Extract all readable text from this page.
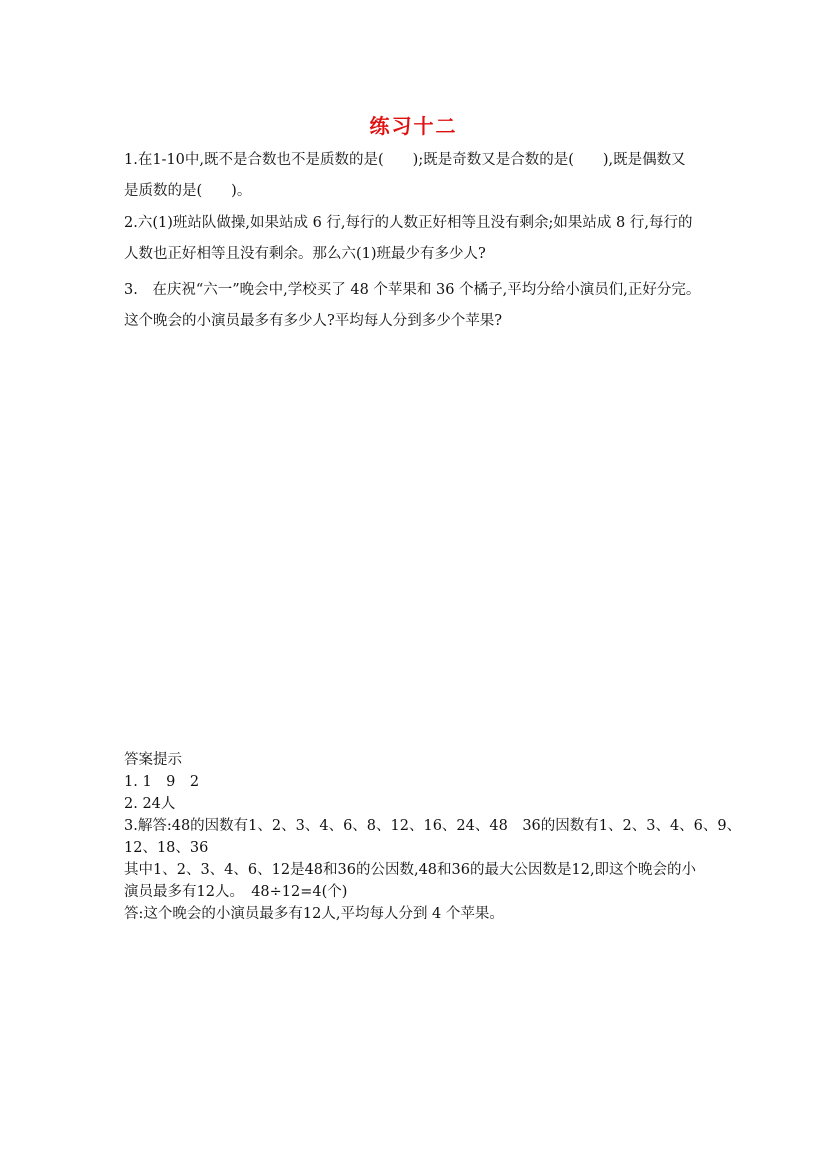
练习十二
1.在1-10中,既不是合数也不是质数的是(　　);既是奇数又是合数的是(　　),既是偶数又
是质数的是(　　)。
2.六(1)班站队做操,如果站成 6 行,每行的人数正好相等且没有剩余;如果站成 8 行,每行的
人数也正好相等且没有剩余。那么六(1)班最少有多少人?
3.　在庆祝“六一”晚会中,学校买了 48 个苹果和 36 个橘子,平均分给小演员们,正好分完。
这个晚会的小演员最多有多少人?平均每人分到多少个苹果?
答案提示
1. 1　9　2
2. 24人
3.解答:48的因数有1、2、3、4、6、8、12、16、24、48　36的因数有1、2、3、4、6、9、
12、18、36
其中1、2、3、4、6、12是48和36的公因数,48和36的最大公因数是12,即这个晚会的小
演员最多有12人。　48÷12=4(个)
答:这个晚会的小演员最多有12人,平均每人分到 4 个苹果。
